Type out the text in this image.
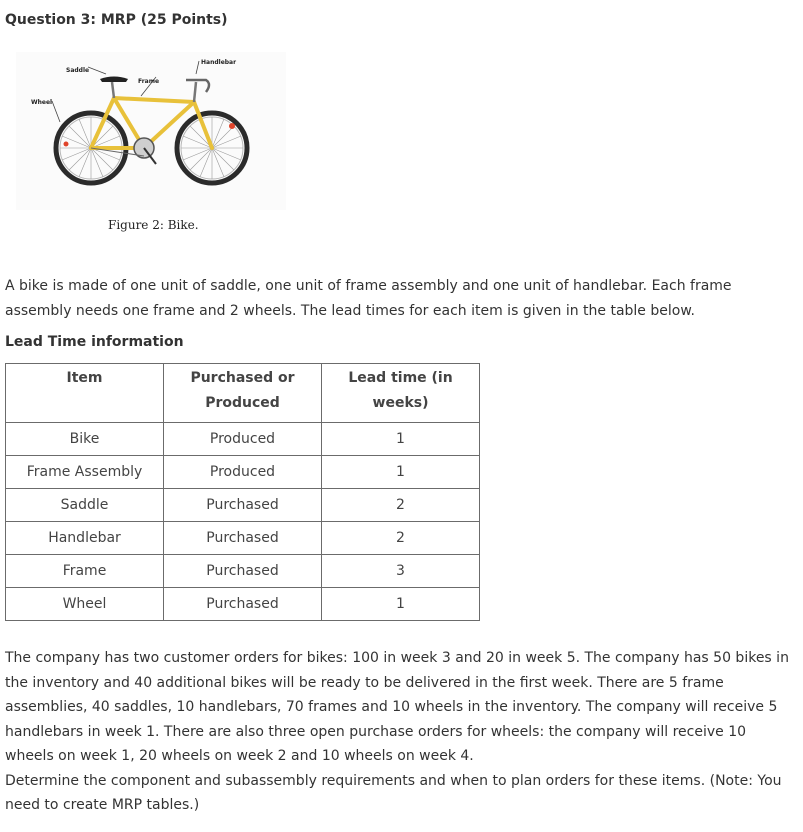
Question 3: MRP (25 Points)
Saddle
Frame
Handlebar
Wheel
Figure 2: Bike.
A bike is made of one unit of saddle, one unit of frame assembly and one unit of handlebar. Each frame assembly needs one frame and 2 wheels. The lead times for each item is given in the table below.
Lead Time information
Item	Purchased or Produced	Lead time (in weeks)
Bike	Produced	1
Frame Assembly	Produced	1
Saddle	Purchased	2
Handlebar	Purchased	2
Frame	Purchased	3
Wheel	Purchased	1
The company has two customer orders for bikes: 100 in week 3 and 20 in week 5. The company has 50 bikes in the inventory and 40 additional bikes will be ready to be delivered in the first week. There are 5 frame assemblies, 40 saddles, 10 handlebars, 70 frames and 10 wheels in the inventory. The company will receive 5 handlebars in week 1. There are also three open purchase orders for wheels: the company will receive 10 wheels on week 1, 20 wheels on week 2 and 10 wheels on week 4.
Determine the component and subassembly requirements and when to plan orders for these items. (Note: You need to create MRP tables.)
